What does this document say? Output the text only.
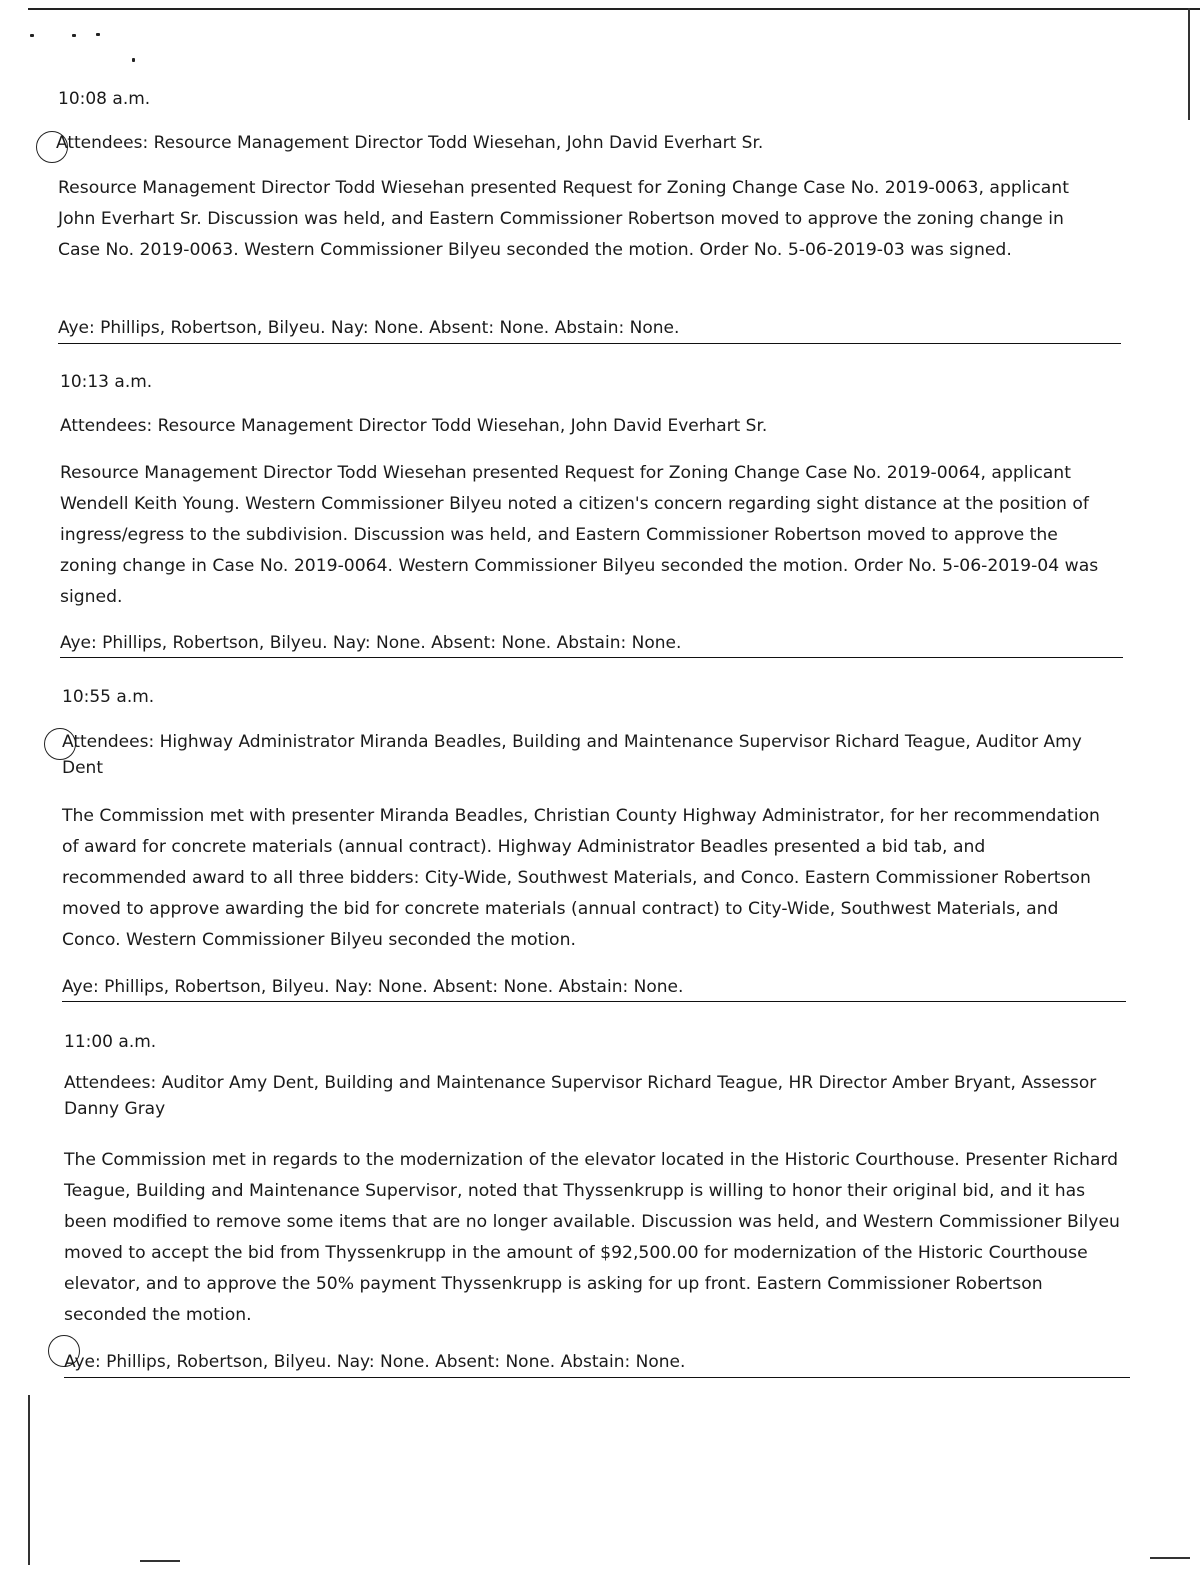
10:08 a.m.
Attendees: Resource Management Director Todd Wiesehan, John David Everhart Sr.
Resource Management Director Todd Wiesehan presented Request for Zoning Change Case No. 2019-0063, applicant John Everhart Sr. Discussion was held, and Eastern Commissioner Robertson moved to approve the zoning change in Case No. 2019-0063. Western Commissioner Bilyeu seconded the motion. Order No. 5-06-2019-03 was signed.
Aye: Phillips, Robertson, Bilyeu. Nay: None. Absent: None. Abstain: None.
10:13 a.m.
Attendees: Resource Management Director Todd Wiesehan, John David Everhart Sr.
Resource Management Director Todd Wiesehan presented Request for Zoning Change Case No. 2019-0064, applicant Wendell Keith Young. Western Commissioner Bilyeu noted a citizen's concern regarding sight distance at the position of ingress/egress to the subdivision. Discussion was held, and Eastern Commissioner Robertson moved to approve the zoning change in Case No. 2019-0064. Western Commissioner Bilyeu seconded the motion. Order No. 5-06-2019-04 was signed.
Aye: Phillips, Robertson, Bilyeu. Nay: None. Absent: None. Abstain: None.
10:55 a.m.
Attendees: Highway Administrator Miranda Beadles, Building and Maintenance Supervisor Richard Teague, Auditor Amy Dent
The Commission met with presenter Miranda Beadles, Christian County Highway Administrator, for her recommendation of award for concrete materials (annual contract). Highway Administrator Beadles presented a bid tab, and recommended award to all three bidders: City-Wide, Southwest Materials, and Conco. Eastern Commissioner Robertson moved to approve awarding the bid for concrete materials (annual contract) to City-Wide, Southwest Materials, and Conco. Western Commissioner Bilyeu seconded the motion.
Aye: Phillips, Robertson, Bilyeu. Nay: None. Absent: None. Abstain: None.
11:00 a.m.
Attendees: Auditor Amy Dent, Building and Maintenance Supervisor Richard Teague, HR Director Amber Bryant, Assessor Danny Gray
The Commission met in regards to the modernization of the elevator located in the Historic Courthouse. Presenter Richard Teague, Building and Maintenance Supervisor, noted that Thyssenkrupp is willing to honor their original bid, and it has been modified to remove some items that are no longer available. Discussion was held, and Western Commissioner Bilyeu moved to accept the bid from Thyssenkrupp in the amount of $92,500.00 for modernization of the Historic Courthouse elevator, and to approve the 50% payment Thyssenkrupp is asking for up front. Eastern Commissioner Robertson seconded the motion.
Aye: Phillips, Robertson, Bilyeu. Nay: None. Absent: None. Abstain: None.
